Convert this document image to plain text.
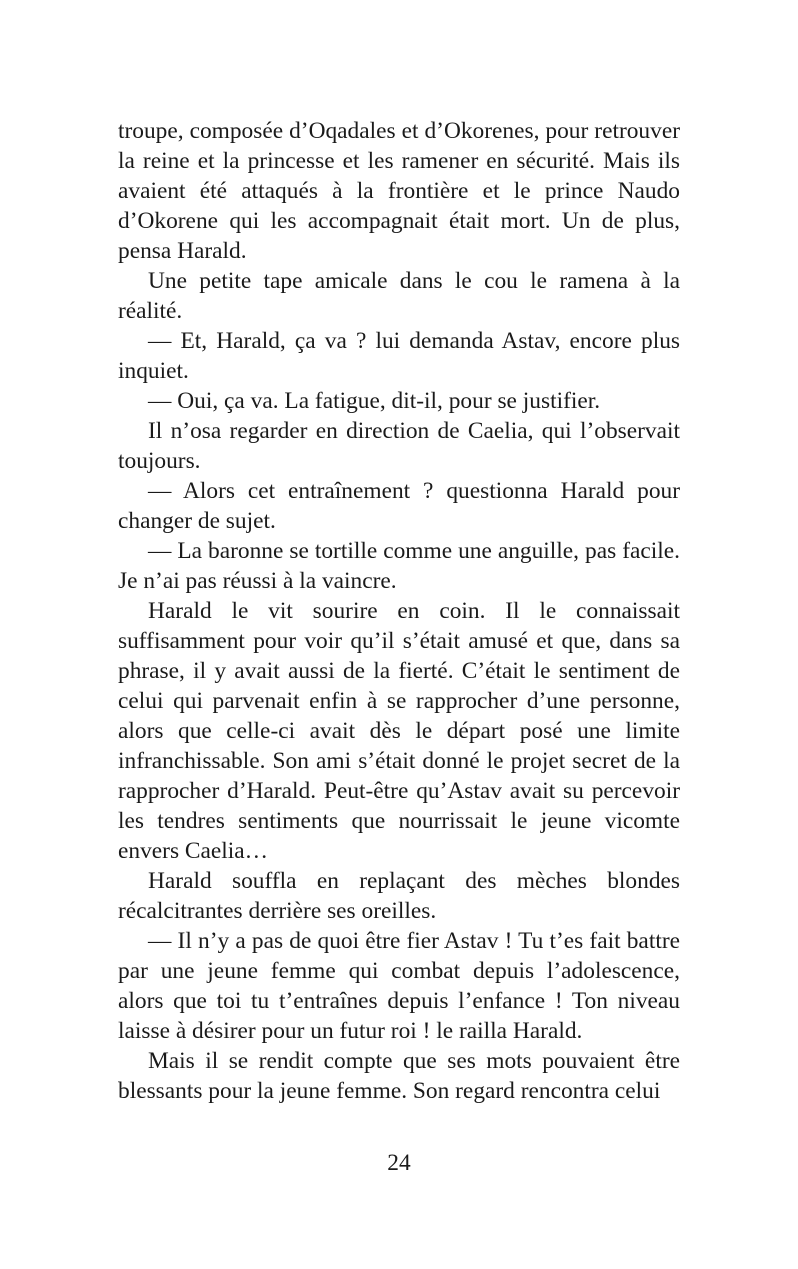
troupe, composée d’Oqadales et d’Okorenes, pour retrouver la reine et la princesse et les ramener en sécurité. Mais ils avaient été attaqués à la frontière et le prince Naudo d’Okorene qui les accompagnait était mort. Un de plus, pensa Harald.

Une petite tape amicale dans le cou le ramena à la réalité.

— Et, Harald, ça va ? lui demanda Astav, encore plus inquiet.

— Oui, ça va. La fatigue, dit-il, pour se justifier.

Il n’osa regarder en direction de Caelia, qui l’observait toujours.

— Alors cet entraînement ? questionna Harald pour changer de sujet.

— La baronne se tortille comme une anguille, pas facile. Je n’ai pas réussi à la vaincre.

Harald le vit sourire en coin. Il le connaissait suffisamment pour voir qu’il s’était amusé et que, dans sa phrase, il y avait aussi de la fierté. C’était le sentiment de celui qui parvenait enfin à se rapprocher d’une personne, alors que celle-ci avait dès le départ posé une limite infranchissable. Son ami s’était donné le projet secret de la rapprocher d’Harald. Peut-être qu’Astav avait su percevoir les tendres sentiments que nourrissait le jeune vicomte envers Caelia…

Harald souffla en replaçant des mèches blondes récalcitrantes derrière ses oreilles.

— Il n’y a pas de quoi être fier Astav ! Tu t’es fait battre par une jeune femme qui combat depuis l’adolescence, alors que toi tu t’entraînes depuis l’enfance ! Ton niveau laisse à désirer pour un futur roi ! le railla Harald.

Mais il se rendit compte que ses mots pouvaient être blessants pour la jeune femme. Son regard rencontra celui

24
